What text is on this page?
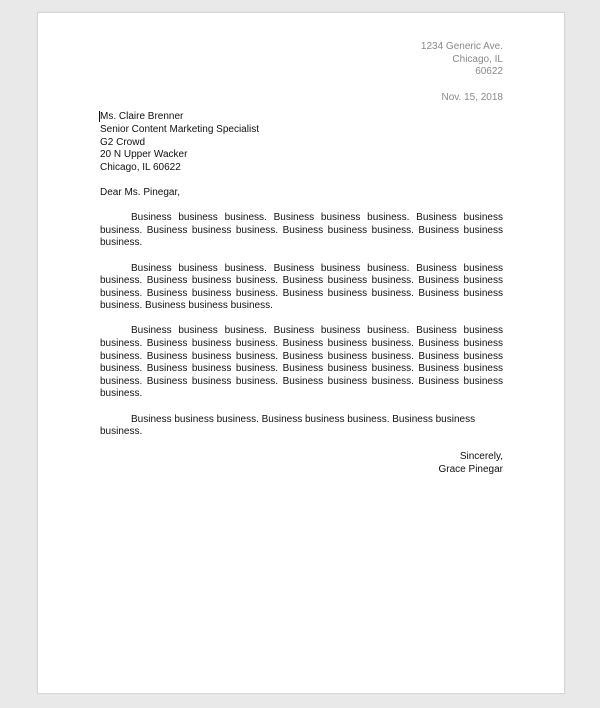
1234 Generic Ave.
Chicago, IL
60622
Nov. 15, 2018
Ms. Claire Brenner
Senior Content Marketing Specialist
G2 Crowd
20 N Upper Wacker
Chicago, IL 60622
Dear Ms. Pinegar,
Business business business. Business business business. Business business business. Business business business. Business business business. Business business business.
Business business business. Business business business. Business business business. Business business business. Business business business. Business business business. Business business business. Business business business. Business business business. Business business business.
Business business business. Business business business. Business business business. Business business business. Business business business. Business business business. Business business business. Business business business. Business business business. Business business business. Business business business. Business business business. Business business business. Business business business. Business business business.
Business business business. Business business business. Business business business.
Sincerely,
Grace Pinegar
